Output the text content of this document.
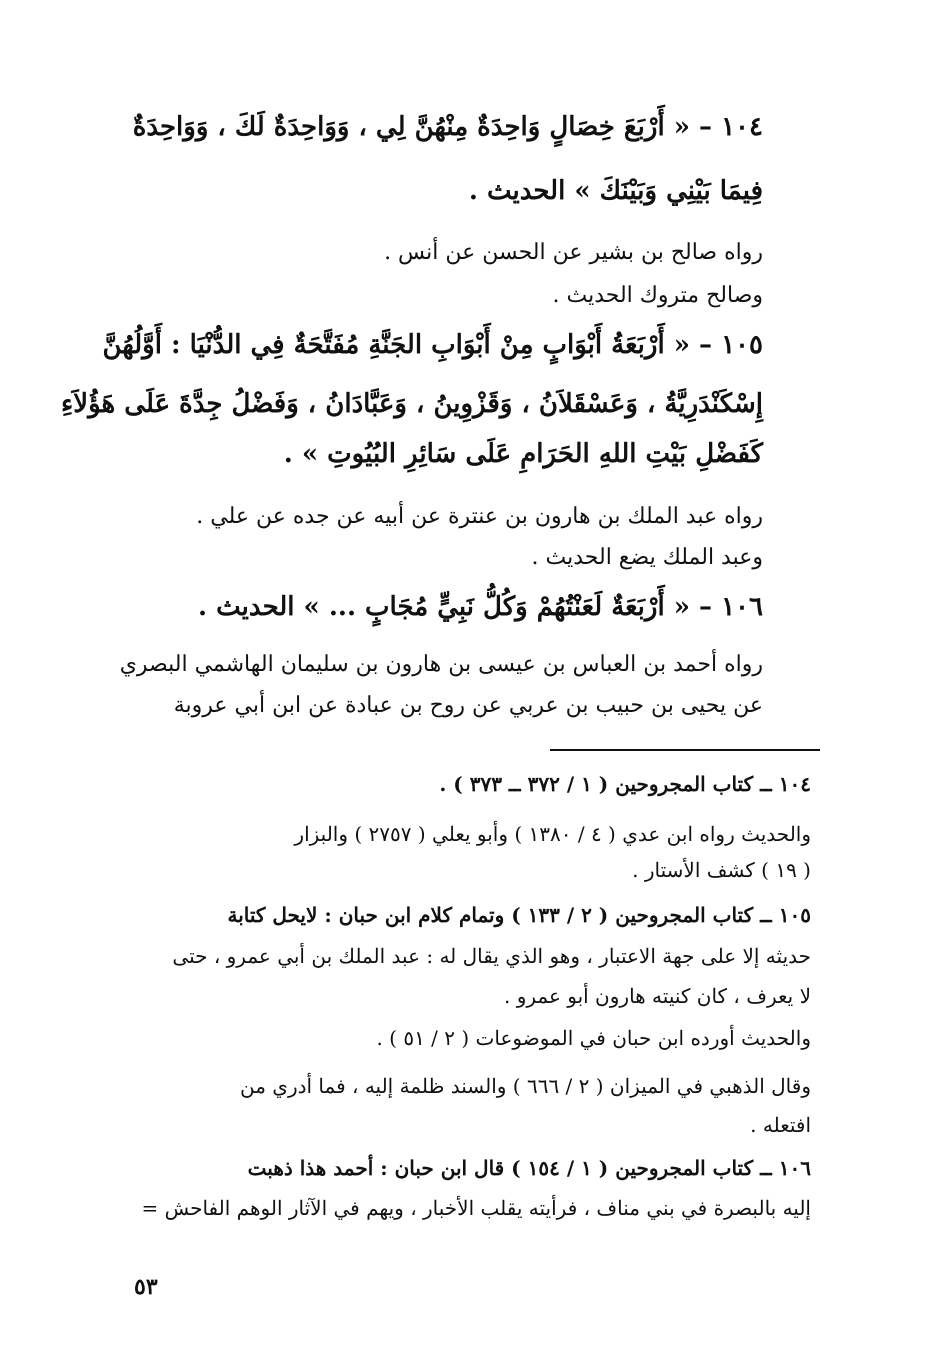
١٠٤ – « أَرْبَعَ خِصَالٍ وَاحِدَةٌ مِنْهُنَّ لِي ، وَوَاحِدَةٌ لَكَ ، وَوَاحِدَةٌ
فِيمَا بَيْنِي وَبَيْنَكَ » الحديث .
رواه صالح بن بشير عن الحسن عن أنس .
وصالح متروك الحديث .
١٠٥ – « أَرْبَعَةُ أَبْوَابٍ مِنْ أَبْوَابِ الجَنَّةِ مُفَتَّحَةٌ فِي الدُّنْيَا : أَوَّلُهُنَّ
إِسْكَنْدَرِيَّةُ ، وَعَسْقَلاَنُ ، وَقَزْوِينُ ، وَعَبَّادَانُ ، وَفَضْلُ جِدَّةَ عَلَى هَؤُلاَءِ
كَفَضْلِ بَيْتِ اللهِ الحَرَامِ عَلَى سَائِرِ البُيُوتِ » .
رواه عبد الملك بن هارون بن عنترة عن أبيه عن جده عن علي .
وعبد الملك يضع الحديث .
١٠٦ – « أَرْبَعَةٌ لَعَنْتُهُمْ وَكُلُّ نَبِيٍّ مُجَابٍ ... » الحديث .
رواه أحمد بن العباس بن عيسى بن هارون بن سليمان الهاشمي البصري
عن يحيى بن حبيب بن عربي عن روح بن عبادة عن ابن أبي عروبة
١٠٤ ــ كتاب المجروحين ( ١ / ٣٧٢ ــ ٣٧٣ ) .
والحديث رواه ابن عدي ( ٤ / ١٣٨٠ ) وأبو يعلي ( ٢٧٥٧ ) والبزار
( ١٩ ) كشف الأستار .
١٠٥ ــ كتاب المجروحين ( ٢ / ١٣٣ ) وتمام كلام ابن حبان : لايحل كتابة
حديثه إلا على جهة الاعتبار ، وهو الذي يقال له : عبد الملك بن أبي عمرو ، حتى
لا يعرف ، كان كنيته هارون أبو عمرو .
والحديث أورده ابن حبان في الموضوعات ( ٢ / ٥١ ) .
وقال الذهبي في الميزان ( ٢ / ٦٦٦ ) والسند ظلمة إليه ، فما أدري من
افتعله .
١٠٦ ــ كتاب المجروحين ( ١ / ١٥٤ ) قال ابن حبان : أحمد هذا ذهبت
إليه بالبصرة في بني مناف ، فرأيته يقلب الأخبار ، ويهم في الآثار الوهم الفاحش =
٥٣
